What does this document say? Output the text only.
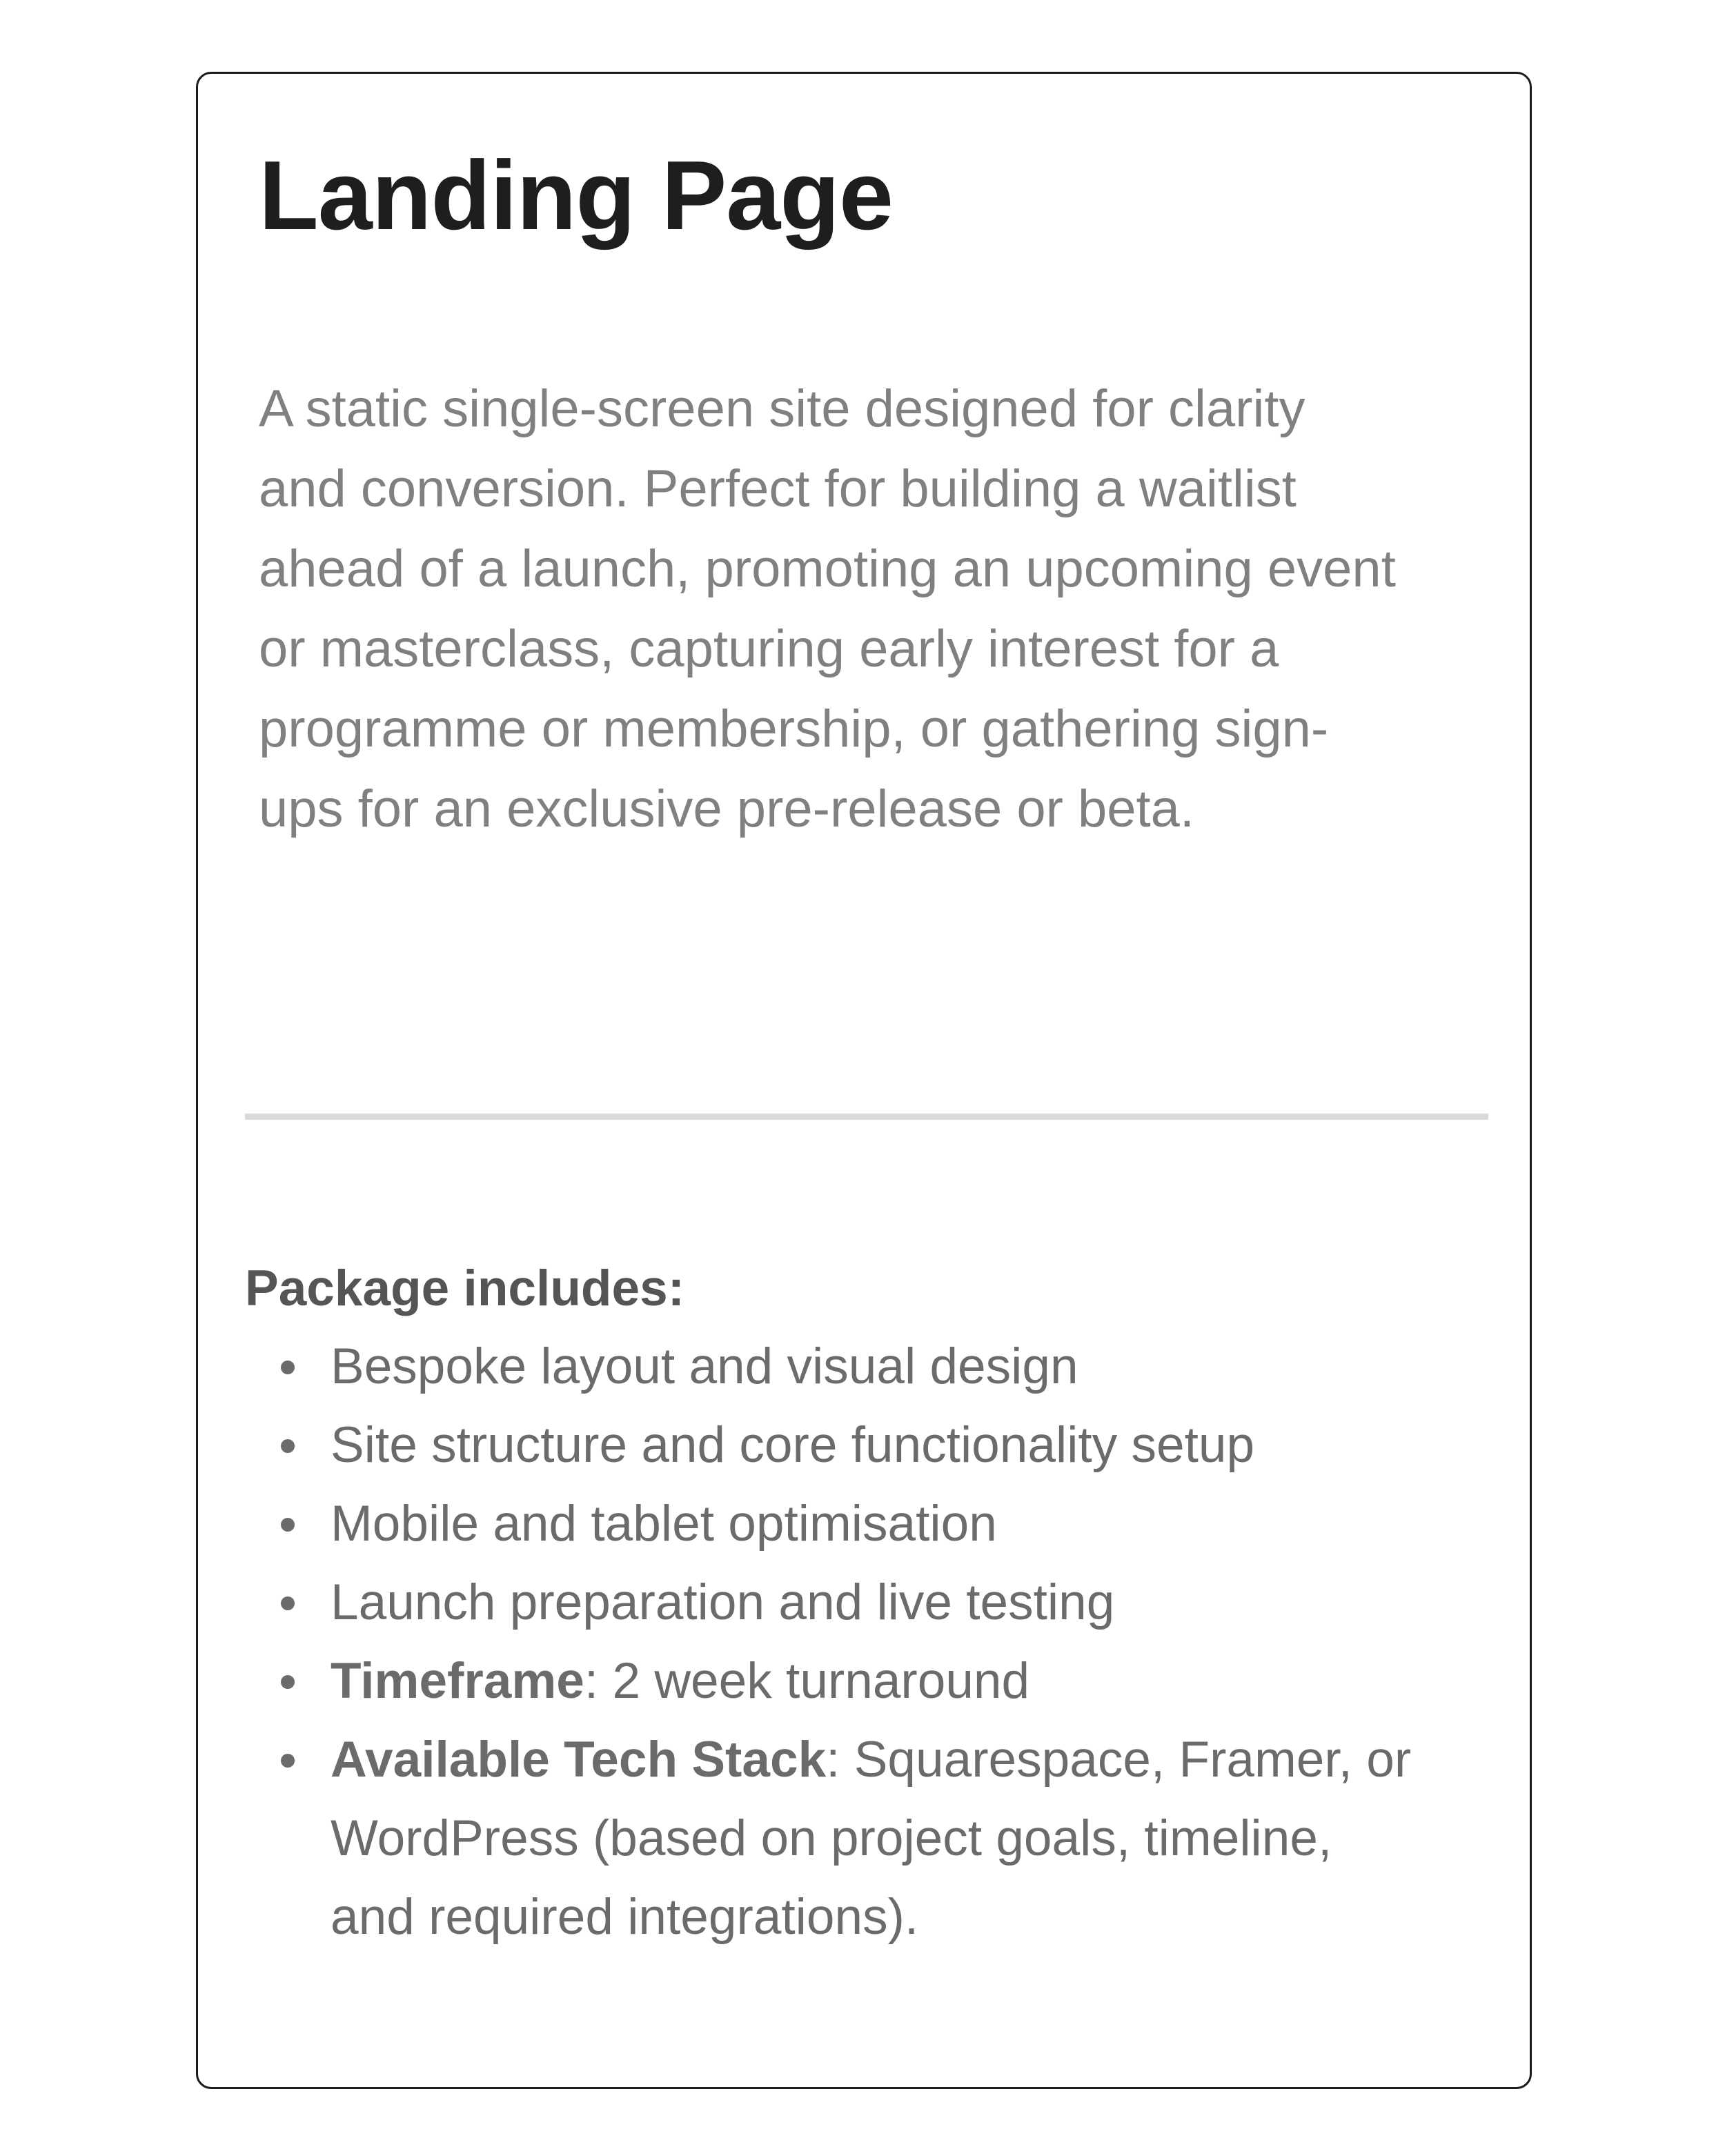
Landing Page

A static single-screen site designed for clarity
and conversion. Perfect for building a waitlist
ahead of a launch, promoting an upcoming event
or masterclass, capturing early interest for a
programme or membership, or gathering sign-
ups for an exclusive pre-release or beta.

Package includes:

Bespoke layout and visual design
Site structure and core functionality setup
Mobile and tablet optimisation
Launch preparation and live testing
Timeframe: 2 week turnaround
Available Tech Stack: Squarespace, Framer, or
WordPress (based on project goals, timeline,
and required integrations).
